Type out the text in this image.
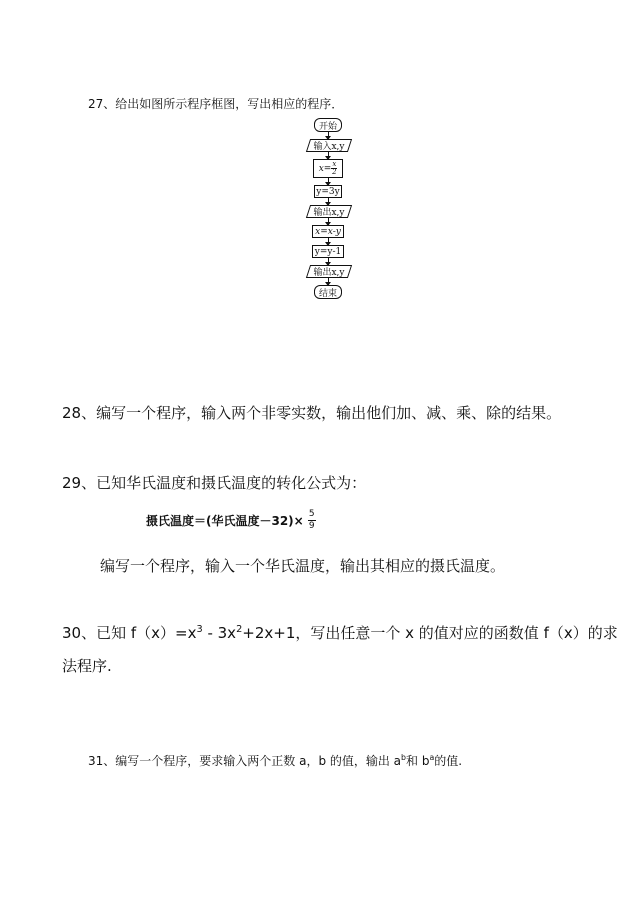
27、给出如图所示程序框图，写出相应的程序．
开始
输入x,y
$x= \frac{x}{2}$
y=3y
输出x,y
x=x-y
y=y-1
输出x,y
结束
28、编写一个程序，输入两个非零实数，输出他们加、减、乘、除的结果。
29、已知华氏温度和摄氏温度的转化公式为：
摄氏温度＝(华氏温度$-32)\times \frac{5}{9}$
编写一个程序，输入一个华氏温度，输出其相应的摄氏温度。
30、已知 $f(x)=x^3 - 3x^2+2x+1$，写出任意一个 x 的值对应的函数值 f（x）的求
法程序.
31、编写一个程序，要求输入两个正数 a，b 的值，输出 $a^b$和 $b^a$的值.
